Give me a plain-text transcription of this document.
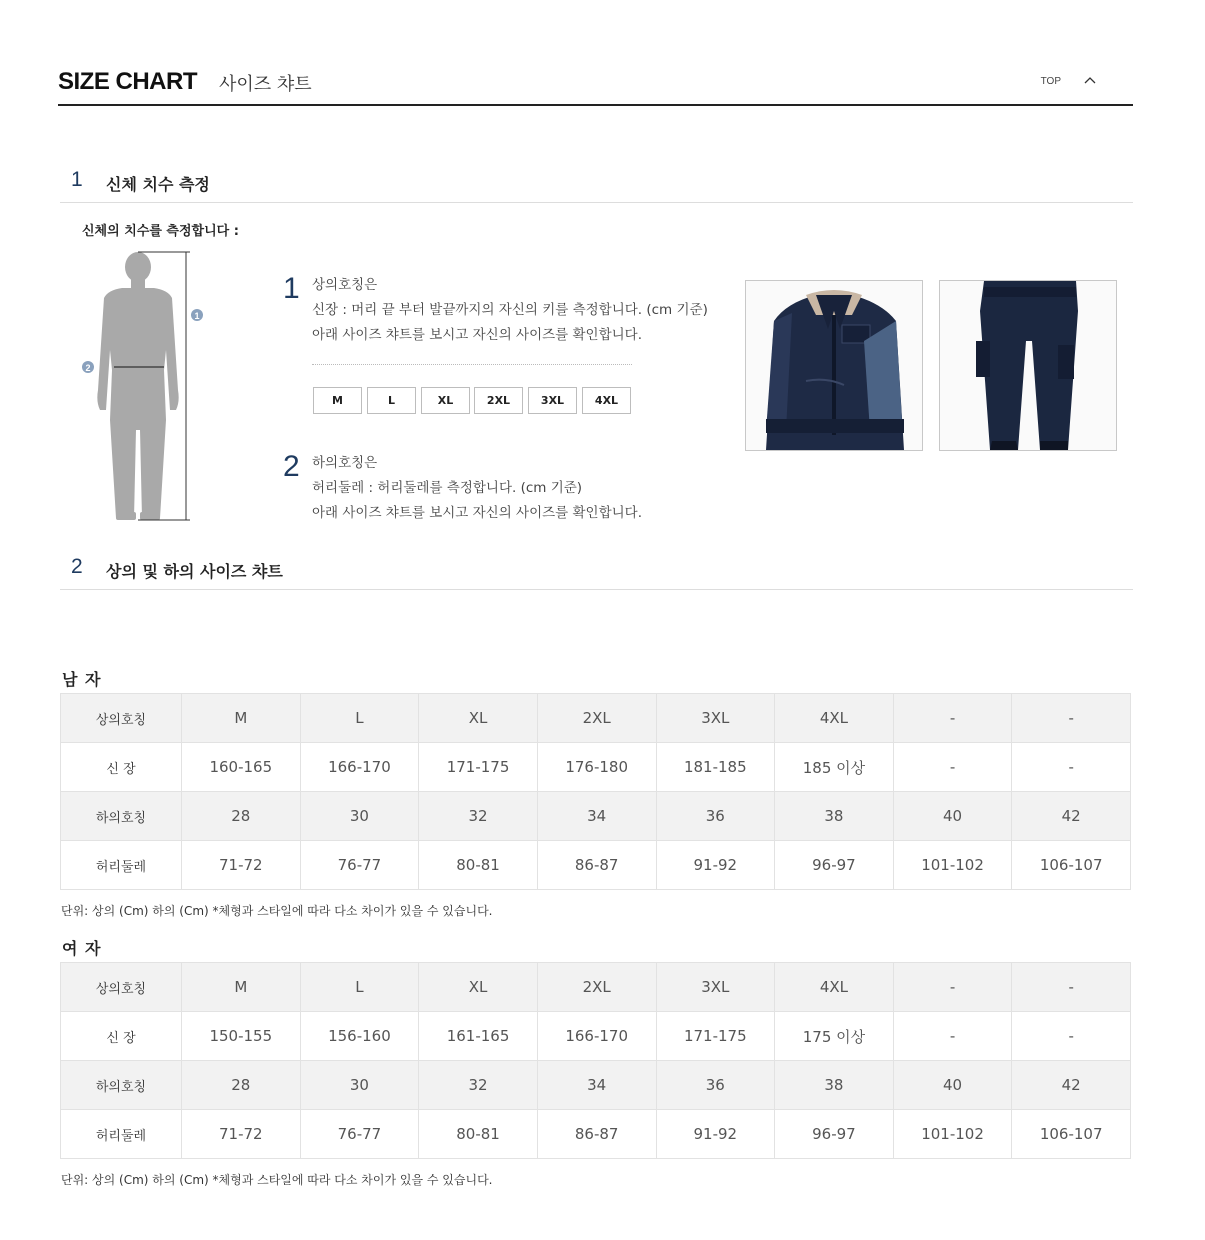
SIZE CHART 사이즈 챠트	TOP
1 신체 치수 측정
신체의 치수를 측정합니다 :
1
2
1 상의호칭은
신장 : 머리 끝 부터 발끝까지의 자신의 키를 측정합니다. (cm 기준)
아래 사이즈 챠트를 보시고 자신의 사이즈를 확인합니다.
M	L	XL	2XL	3XL	4XL
2 하의호칭은
허리둘레 : 허리둘레를 측정합니다. (cm 기준)
아래 사이즈 챠트를 보시고 자신의 사이즈를 확인합니다.
2 상의 및 하의 사이즈 챠트
남 자
상의호칭	M	L	XL	2XL	3XL	4XL	-	-
신 장	160-165	166-170	171-175	176-180	181-185	185 이상	-	-
하의호칭	28	30	32	34	36	38	40	42
허리둘레	71-72	76-77	80-81	86-87	91-92	96-97	101-102	106-107
단위: 상의 (Cm) 하의 (Cm) *체형과 스타일에 따라 다소 차이가 있을 수 있습니다.
여 자
상의호칭	M	L	XL	2XL	3XL	4XL	-	-
신 장	150-155	156-160	161-165	166-170	171-175	175 이상	-	-
하의호칭	28	30	32	34	36	38	40	42
허리둘레	71-72	76-77	80-81	86-87	91-92	96-97	101-102	106-107
단위: 상의 (Cm) 하의 (Cm) *체형과 스타일에 따라 다소 차이가 있을 수 있습니다.
